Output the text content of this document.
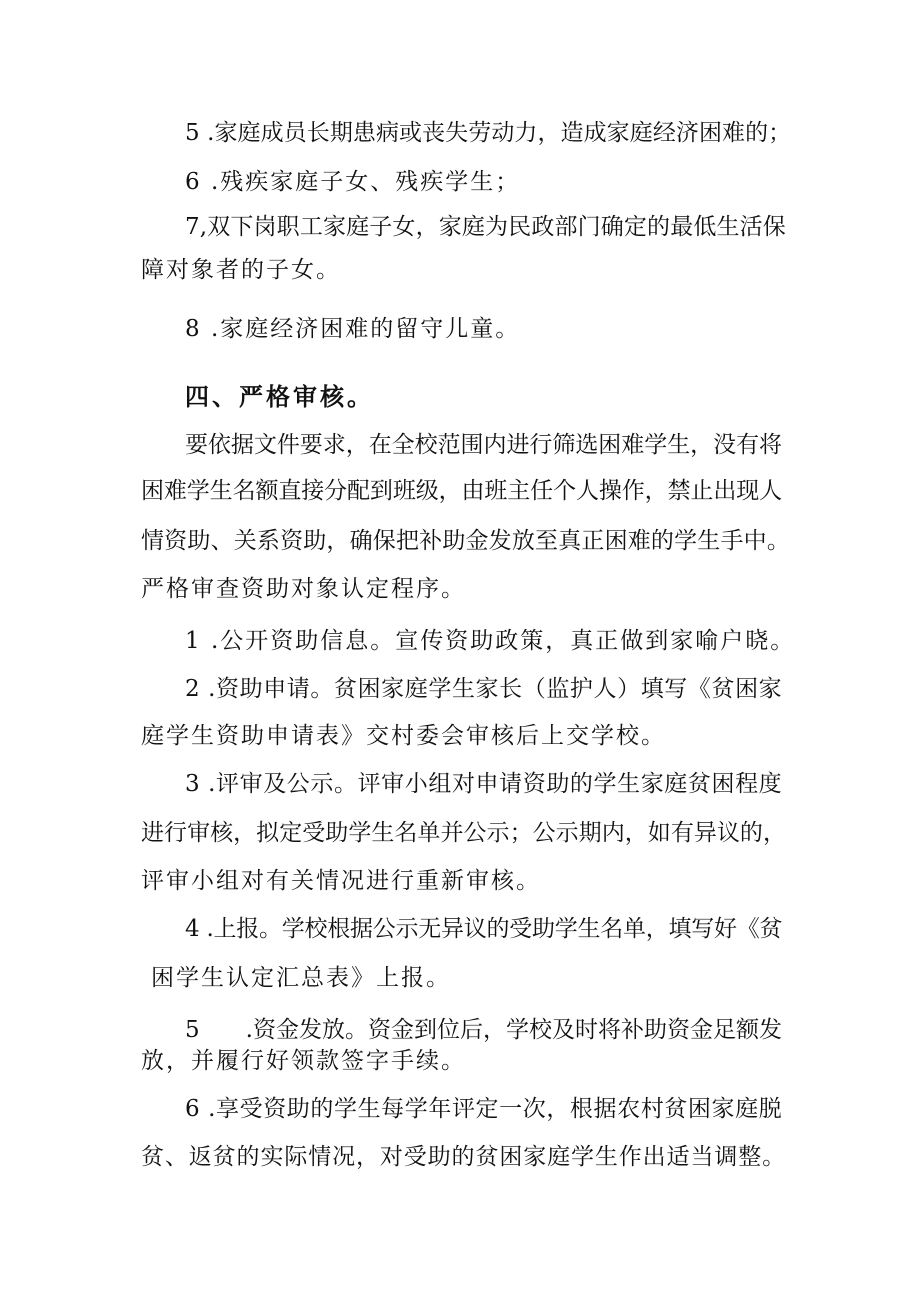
5 .家庭成员长期患病或丧失劳动力，造成家庭经济困难的；
6 .残疾家庭子女、残疾学生；
7,双下岗职工家庭子女，家庭为民政部门确定的最低生活保
障对象者的子女。
8 .家庭经济困难的留守儿童。
四、严格审核。
要依据文件要求，在全校范围内进行筛选困难学生，没有将
困难学生名额直接分配到班级，由班主任个人操作，禁止出现人
情资助、关系资助，确保把补助金发放至真正困难的学生手中。
严格审查资助对象认定程序。
1 .公开资助信息。宣传资助政策，真正做到家喻户晓。
2 .资助申请。贫困家庭学生家长（监护人）填写《贫困家
庭学生资助申请表》交村委会审核后上交学校。
3 .评审及公示。评审小组对申请资助的学生家庭贫困程度
进行审核，拟定受助学生名单并公示；公示期内，如有异议的，
评审小组对有关情况进行重新审核。
4 .上报。学校根据公示无异议的受助学生名单，填写好《贫
困学生认定汇总表》上报。
5　　.资金发放。资金到位后，学校及时将补助资金足额发
放，并履行好领款签字手续。
6 .享受资助的学生每学年评定一次，根据农村贫困家庭脱
贫、返贫的实际情况，对受助的贫困家庭学生作出适当调整。
